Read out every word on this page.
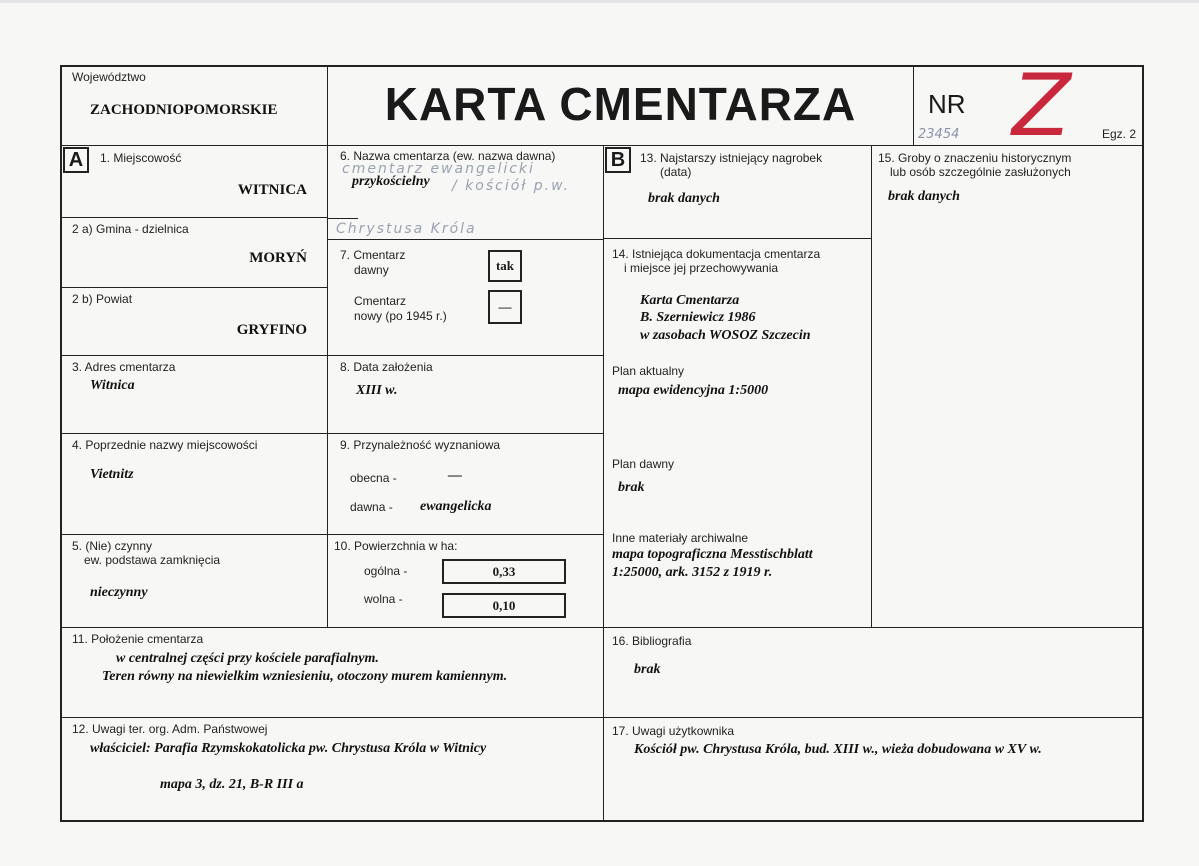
Województwo
ZACHODNIOPOMORSKIE	KARTA CMENTARZA	NR Z
23454	Egz. 2
1. Miejscowość
WITNICA
A
2 a) Gmina - dzielnica
MORYŃ
2 b) Powiat
GRYFINO
3. Adres cmentarza
Witnica
4. Poprzednie nazwy miejscowości
Vietnitz
5. (Nie) czynny
ew. podstawa zamknięcia
nieczynny
6. Nazwa cmentarza (ew. nazwa dawna)
cmentarz ewangelicki
przykościelny / kościół p.w.
Chrystusa Króla
7. Cmentarz
dawny	tak
Cmentarz
nowy (po 1945 r.)
—
8. Data założenia
XIII w.
9. Przynależność wyznaniowa
obecna -	—
dawna - ewangelicka
10. Powierzchnia w ha:
ogólna -	0,33
wolna -	0,10
13. Najstarszy istniejący nagrobek
(data)
brak danych
B
14. Istniejąca dokumentacja cmentarza
i miejsce jej przechowywania
Karta Cmentarza
B. Szerniewicz 1986
w zasobach WOSOZ Szczecin
Plan aktualny
mapa ewidencyjna 1:5000
Plan dawny
brak
Inne materiały archiwalne
mapa topograficzna Messtischblatt
1:25000, ark. 3152 z 1919 r.
15. Groby o znaczeniu historycznym
lub osób szczególnie zasłużonych
brak danych
11. Położenie cmentarza
w centralnej części przy kościele parafialnym.
Teren równy na niewielkim wzniesieniu, otoczony murem kamiennym.
16. Bibliografia
brak
12. Uwagi ter. org. Adm. Państwowej
właściciel: Parafia Rzymskokatolicka pw. Chrystusa Króla w Witnicy
mapa 3, dz. 21, B-R III a
17. Uwagi użytkownika
Kościół pw. Chrystusa Króla, bud. XIII w., wieża dobudowana w XV w.
